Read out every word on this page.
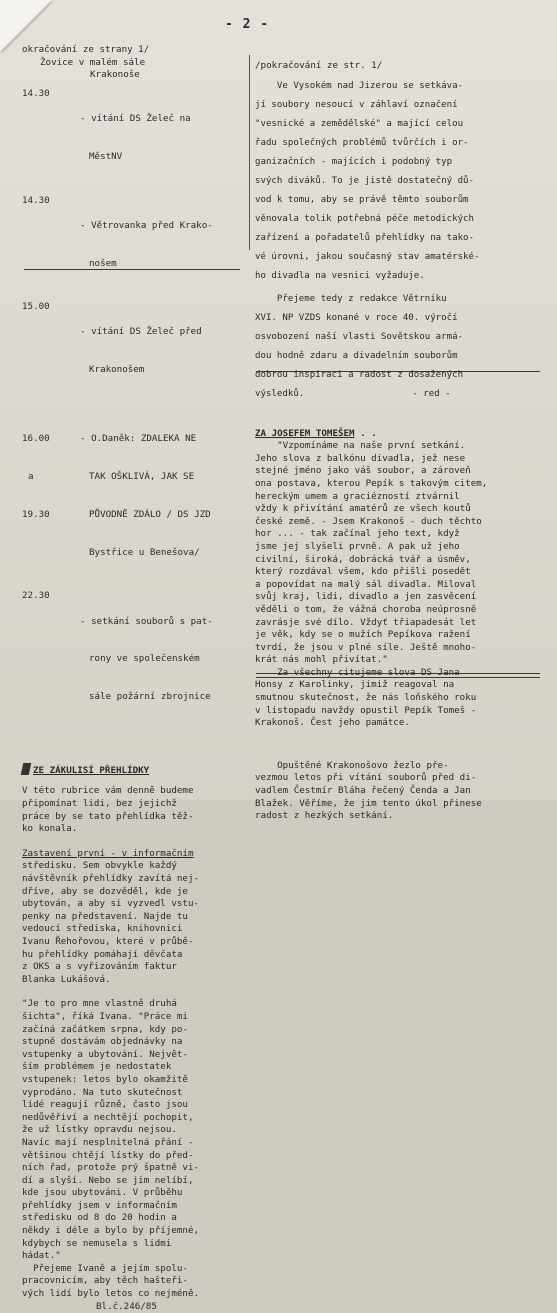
- 2 -
okračování ze strany 1/
Žovice v malém sále
Krakonoše
14.30

- vítání DS Želeč na

MěstNV

14.30

- Větrovanka před Krako-

nošem

15.00

- vítání DS Želeč před

Krakonošem

16.00

a

19.30

- O.Daněk: ZDALEKA NE

TAK OŠKLIVÁ, JAK SE

PŮVODNĚ ZDÁLO / DS JZD

Bystřice u Benešova/

22.30

- setkání souborů s pat-

rony ve společenském

sále požární zbrojnice

ZE ZÁKULISÍ PŘEHLÍDKY
V této rubrice vám denně budeme
připomínat lidi, bez jejichž
práce by se tato přehlídka těž-
ko konala.
Zastavení první - v informačním
středisku. Sem obvykle každý
návštěvník přehlídky zavítá nej-
dříve, aby se dozvěděl, kde je
ubytován, a aby si vyzvedl vstu-
penky na představení. Najde tu
vedoucí střediska, knihovnici
Ivanu Řehořovou, které v průbě-
hu přehlídky pomáhají děvčata
z OKS a s vyřizováním faktur
Blanka Lukášová.
"Je to pro mne vlastně druhá
šichta", říká Ivana. "Práce mi
začíná začátkem srpna, kdy po-
stupně dostávám objednávky na
vstupenky a ubytování. Největ-
ším problémem je nedostatek
vstupenek: letos bylo okamžitě
vyprodáno. Na tuto skutečnost
lidé reagují různě, často jsou
nedůvěřiví a nechtějí pochopit,
že už lístky opravdu nejsou.
Navíc mají nesplnitelná přání -
většinou chtějí lístky do před-
ních řad, protože prý špatně vi-
dí a slyší. Nebo se jim nelíbí,
kde jsou ubytováni. V průběhu
přehlídky jsem v informačním
středisku od 8 do 20 hodin a
někdy i déle a bylo by příjemné,
kdybych se nemusela s lidmi
hádat."
Přejeme Ivaně a jejím spolu-
pracovnicím, aby těch hašteři-
vých lidí bylo letos co nejméně.
Bl.č.246/85
/pokračování ze str. 1/
Ve Vysokém nad Jizerou se setkáva-
jí soubory nesoucí v záhlaví označení
"vesnické a zemědělské" a mající celou
řadu společných problémů tvůrčích i or-
ganizačních - majících i podobný typ
svých diváků. To je jistě dostatečný dů-
vod k tomu, aby se právě těmto souborům
věnovala tolik potřebná péče metodických
zařízení a pořadatelů přehlídky na tako-
vé úrovni, jakou současný stav amatérské-
ho divadla na vesnici vyžaduje.
Přejeme tedy z redakce Větrníku
XVI. NP VZDS konané v roce 40. výročí
osvobození naší vlasti Sovětskou armá-
dou hodně zdaru a divadelním souborům
dobrou inspiraci a radost z dosažených
výsledků.	- red -
ZA JOSEFEM TOMEŠEM . .
"Vzpomínáme na naše první setkání.
Jeho slova z balkónu divadla, jež nese
stejné jméno jako váš soubor, a zároveň
ona postava, kterou Pepík s takovým citem,
hereckým umem a graciézností ztvárnil
vždy k přivítání amatérů ze všech koutů
české země. - Jsem Krakonoš - duch těchto
hor ... - tak začínal jeho text, když
jsme jej slyšeli prvně. A pak už jeho
civilní, široká, dobrácká tvář a úsměv,
který rozdával všem, kdo přišli posedět
a popovídat na malý sál divadla. Miloval
svůj kraj, lidi, divadlo a jen zasvěcení
věděli o tom, že vážná choroba neúprosně
zavrásje své dílo. Vždyť třiapadesát let
je věk, kdy se o mužích Pepíkova ražení
tvrdí, že jsou v plné síle. Ještě mnoho-
krát nás mohl přivítat."
Za všechny citujeme slova DS Jana
Honsy z Karolinky, jimiž reagoval na
smutnou skutečnost, že nás loňského roku
v listopadu navždy opustil Pepík Tomeš -
Krakonoš. Čest jeho památce.
Opuštěné Krakonošovo žezlo pře-
vezmou letos při vítání souborů před di-
vadlem Čestmír Bláha řečený Čenda a Jan
Blažek. Věříme, že jim tento úkol přinese
radost z hezkých setkání.
